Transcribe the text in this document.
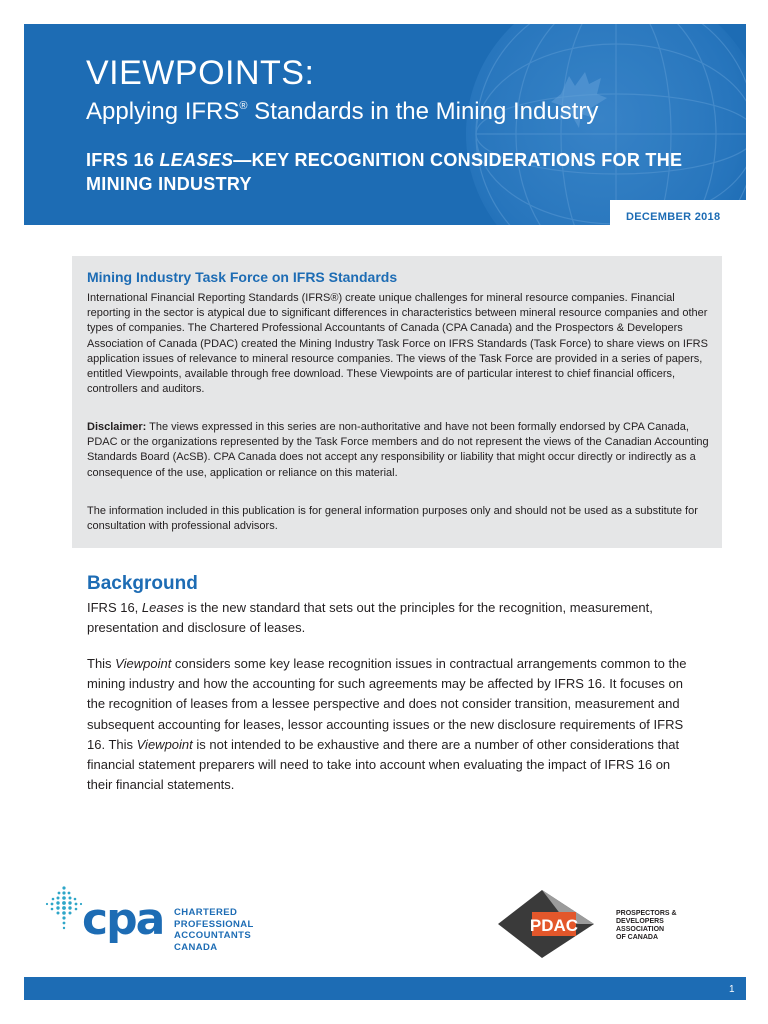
VIEWPOINTS:
Applying IFRS® Standards in the Mining Industry
IFRS 16 LEASES—KEY RECOGNITION CONSIDERATIONS FOR THE MINING INDUSTRY
DECEMBER 2018
Mining Industry Task Force on IFRS Standards
International Financial Reporting Standards (IFRS®) create unique challenges for mineral resource companies. Financial reporting in the sector is atypical due to significant differences in characteristics between mineral resource companies and other types of companies. The Chartered Professional Accountants of Canada (CPA Canada) and the Prospectors & Developers Association of Canada (PDAC) created the Mining Industry Task Force on IFRS Standards (Task Force) to share views on IFRS application issues of relevance to mineral resource companies. The views of the Task Force are provided in a series of papers, entitled Viewpoints, available through free download. These Viewpoints are of particular interest to chief financial officers, controllers and auditors.
Disclaimer: The views expressed in this series are non-authoritative and have not been formally endorsed by CPA Canada, PDAC or the organizations represented by the Task Force members and do not represent the views of the Canadian Accounting Standards Board (AcSB). CPA Canada does not accept any responsibility or liability that might occur directly or indirectly as a consequence of the use, application or reliance on this material.
The information included in this publication is for general information purposes only and should not be used as a substitute for consultation with professional advisors.
Background
IFRS 16, Leases is the new standard that sets out the principles for the recognition, measurement, presentation and disclosure of leases.
This Viewpoint considers some key lease recognition issues in contractual arrangements common to the mining industry and how the accounting for such agreements may be affected by IFRS 16. It focuses on the recognition of leases from a lessee perspective and does not consider transition, measurement and subsequent accounting for leases, lessor accounting issues or the new disclosure requirements of IFRS 16. This Viewpoint is not intended to be exhaustive and there are a number of other considerations that financial statement preparers will need to take into account when evaluating the impact of IFRS 16 on their financial statements.
cpa CHARTERED
PROFESSIONAL
ACCOUNTANTS
CANADA
PDAC
PROSPECTORS &
DEVELOPERS
ASSOCIATION
OF CANADA
1
